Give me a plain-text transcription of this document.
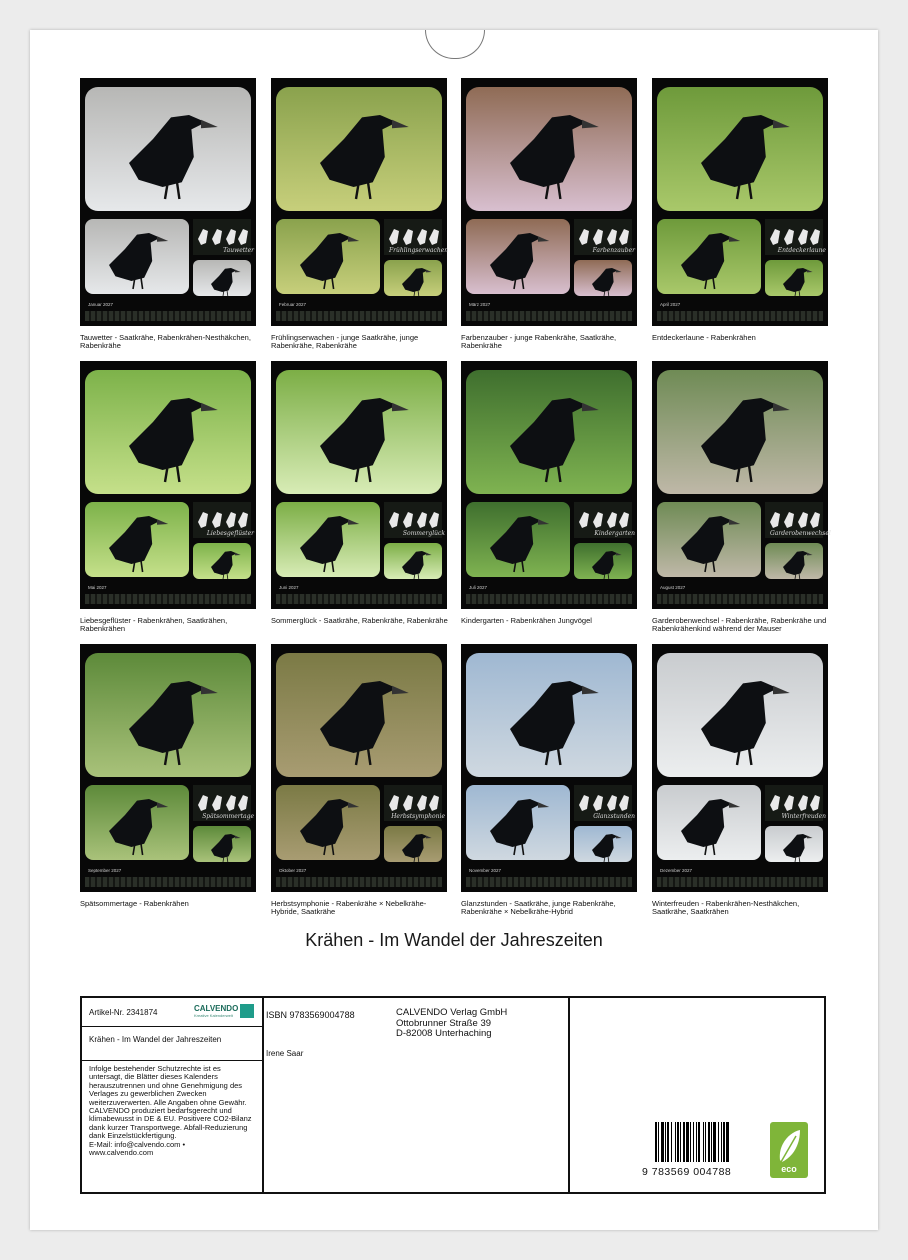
Tauwetter
Januar 2027
Tauwetter - Saatkrähe, Rabenkrähen-Nesthäkchen, Rabenkrähe
Frühlingserwachen
Februar 2027
Frühlingserwachen - junge Saatkrähe, junge Rabenkrähe, Rabenkrähe
Farbenzauber
März 2027
Farbenzauber - junge Rabenkrähe, Saatkrähe, Rabenkrähe
Entdeckerlaune
April 2027
Entdeckerlaune - Rabenkrähen
Liebesgeflüster
Mai 2027
Liebesgeflüster - Rabenkrähen, Saatkrähen, Rabenkrähen
Sommerglück
Juni 2027
Sommerglück - Saatkrähe, Rabenkrähe, Rabenkrähe
Kindergarten
Juli 2027
Kindergarten - Rabenkrähen Jungvögel
Garderobenwechsel
August 2027
Garderobenwechsel - Rabenkrähe, Rabenkrähe und Rabenkrähenkind während der Mauser
Spätsommertage
September 2027
Spätsommertage - Rabenkrähen
Herbstsymphonie
Oktober 2027
Herbstsymphonie - Rabenkrähe × Nebelkrähe-Hybride, Saatkrähe
Glanzstunden
November 2027
Glanzstunden - Saatkrähe, junge Rabenkrähe, Rabenkrähe × Nebelkrähe-Hybrid
Winterfreuden
Dezember 2027
Winterfreuden - Rabenkrähen-Nesthäkchen, Saatkrähe, Saatkrähen
Krähen - Im Wandel der Jahreszeiten
Artikel-Nr. 2341874	CALVENDO
Kreative Kalenderwelt
Krähen - Im Wandel der Jahreszeiten
Infolge bestehender Schutzrechte ist es untersagt, die Blätter dieses Kalenders herauszutrennen und ohne Genehmigung des Verlages zu gewerblichen Zwecken weiterzuverwerten. Alle Angaben ohne Gewähr.
CALVENDO produziert bedarfsgerecht und klimabewusst in DE & EU. Positivere CO2-Bilanz dank kurzer Transportwege. Abfall-Reduzierung dank Einzelstückfertigung.
E-Mail: info@calvendo.com •
www.calvendo.com
ISBN 9783569004788	CALVENDO Verlag GmbH
Ottobrunner Straße 39
D-82008 Unterhaching
Irene Saar
9 783569 004788	eco
